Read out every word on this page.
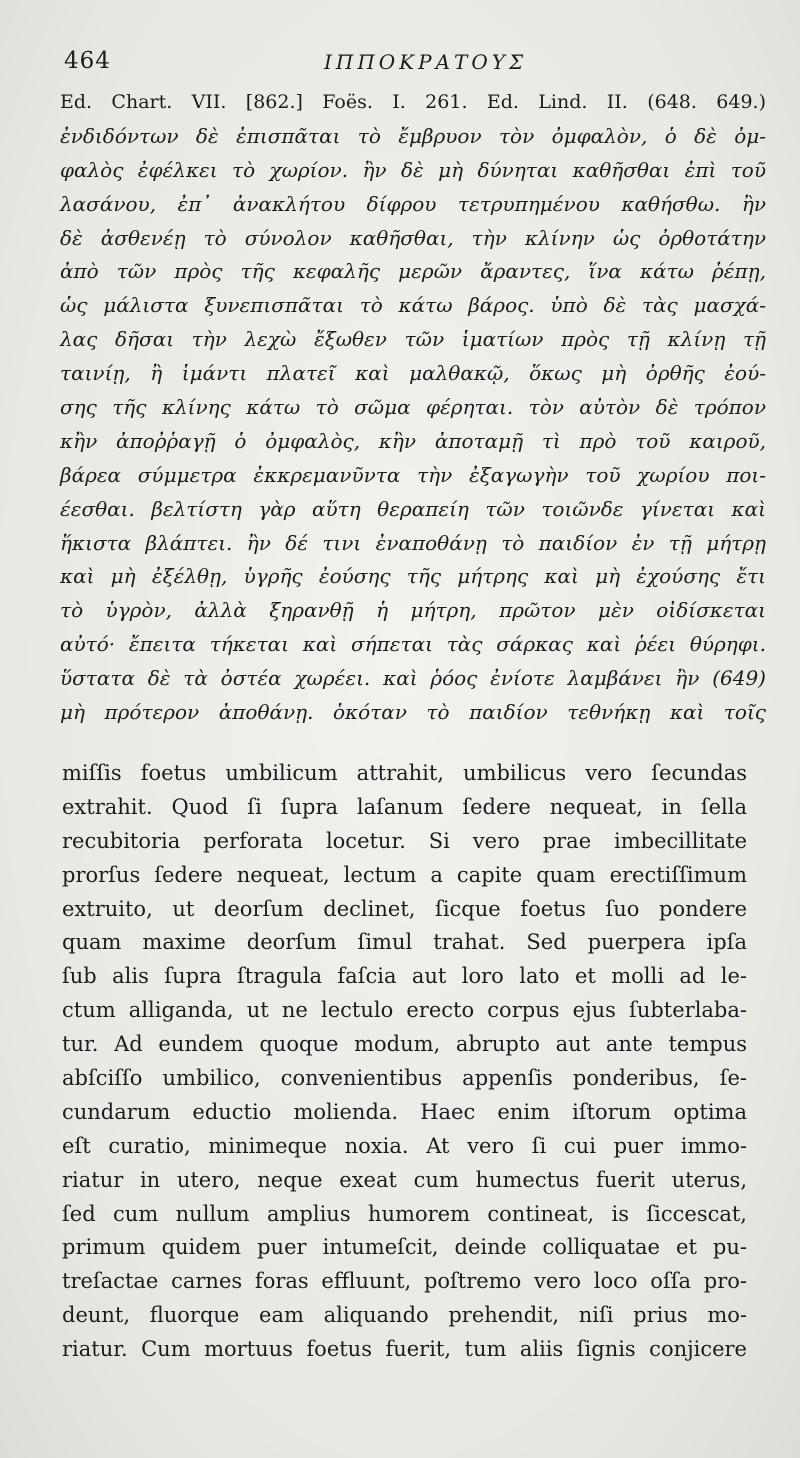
464	ΙΠΠΟΚΡΑΤΟΥΣ
Ed. Chart. VII. [862.] Foës. I. 261. Ed. Lind. II. (648. 649.)
ἐνδιδόντων δὲ ἐπισπᾶται τὸ ἔμβρυον τὸν ὀμφαλὸν, ὁ δὲ ὀμ-
φαλὸς ἐφέλκει τὸ χωρίον. ἢν δὲ μὴ δύνηται καθῆσθαι ἐπὶ τοῦ
λασάνου, ἐπ᾽ ἀνακλήτου δίφρου τετρυπημένου καθήσθω. ἢν
δὲ ἀσθενέῃ τὸ σύνολον καθῆσθαι, τὴν κλίνην ὡς ὀρθοτάτην
ἀπὸ τῶν πρὸς τῆς κεφαλῆς μερῶν ἄραντες, ἵνα κάτω ῥέπῃ,
ὡς μάλιστα ξυνεπισπᾶται τὸ κάτω βάρος. ὑπὸ δὲ τὰς μασχά-
λας δῆσαι τὴν λεχὼ ἔξωθεν τῶν ἱματίων πρὸς τῇ κλίνῃ τῇ
ταινίῃ, ἢ ἱμάντι πλατεῖ καὶ μαλθακῷ, ὅκως μὴ ὀρθῆς ἐού-
σης τῆς κλίνης κάτω τὸ σῶμα φέρηται. τὸν αὐτὸν δὲ τρόπον
κἢν ἀποῤῥαγῇ ὁ ὀμφαλὸς, κἢν ἀποταμῇ τὶ πρὸ τοῦ καιροῦ,
βάρεα σύμμετρα ἐκκρεμανῦντα τὴν ἐξαγωγὴν τοῦ χωρίου ποι-
έεσθαι. βελτίστη γὰρ αὕτη θεραπείη τῶν τοιῶνδε γίνεται καὶ
ἥκιστα βλάπτει. ἢν δέ τινι ἐναποθάνῃ τὸ παιδίον ἐν τῇ μήτρῃ
καὶ μὴ ἐξέλθῃ, ὑγρῆς ἐούσης τῆς μήτρης καὶ μὴ ἐχούσης ἔτι
τὸ ὑγρὸν, ἀλλὰ ξηρανθῇ ἡ μήτρη, πρῶτον μὲν οἰδίσκεται
αὐτό· ἔπειτα τήκεται καὶ σήπεται τὰς σάρκας καὶ ῥέει θύρηφι.
ὕστατα δὲ τὰ ὀστέα χωρέει. καὶ ῥόος ἐνίοτε λαμβάνει ἢν (649)
μὴ πρότερον ἀποθάνῃ. ὁκόταν τὸ παιδίον τεθνήκῃ καὶ τοῖς
miſſis foetus umbilicum attrahit, umbilicus vero ſecundas
extrahit. Quod ſi ſupra laſanum ſedere nequeat, in ſella
recubitoria perforata locetur. Si vero prae imbecillitate
prorſus ſedere nequeat, lectum a capite quam erectiſſimum
extruito, ut deorſum declinet, ſicque foetus ſuo pondere
quam maxime deorſum ſimul trahat. Sed puerpera ipſa
ſub alis ſupra ſtragula faſcia aut loro lato et molli ad le-
ctum alliganda, ut ne lectulo erecto corpus ejus ſubterlaba-
tur. Ad eundem quoque modum, abrupto aut ante tempus
abſciſſo umbilico, convenientibus appenſis ponderibus, ſe-
cundarum eductio molienda. Haec enim iſtorum optima
eſt curatio, minimeque noxia. At vero ſi cui puer immo-
riatur in utero, neque exeat cum humectus fuerit uterus,
ſed cum nullum amplius humorem contineat, is ſiccescat,
primum quidem puer intumeſcit, deinde colliquatae et pu-
treſactae carnes foras effluunt, poſtremo vero loco oſſa pro-
deunt, fluorque eam aliquando prehendit, niſi prius mo-
riatur. Cum mortuus foetus fuerit, tum aliis ſignis conjicere
